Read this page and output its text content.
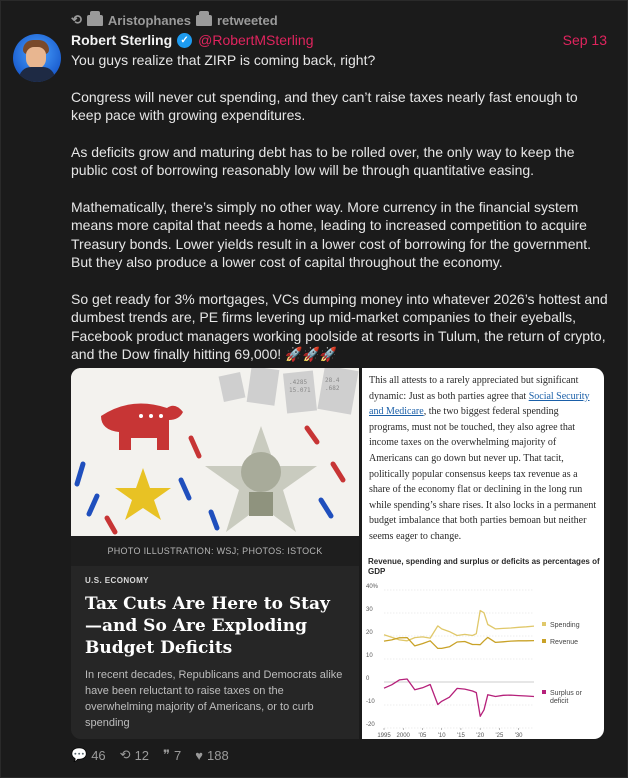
⟲ Aristophanes retweeted
Robert Sterling ✓ @RobertMSterling	Sep 13

You guys realize that ZIRP is coming back, right?

Congress will never cut spending, and they can’t raise taxes nearly fast enough to keep pace with growing expenditures.

As deficits grow and maturing debt has to be rolled over, the only way to keep the public cost of borrowing reasonably low will be through quantitative easing.

Mathematically, there’s simply no other way. More currency in the financial system means more capital that needs a home, leading to increased competition to acquire Treasury bonds. Lower yields result in a lower cost of borrowing for the government. But they also produce a lower cost of capital throughout the economy.

So get ready for 3% mortgages, VCs dumping money into whatever 2026’s hottest and dumbest trends are, PE firms levering up mid-market companies to their eyeballs, Facebook product managers working poolside at resorts in Tulum, the return of crypto, and the Dow finally hitting 69,000! 🚀🚀🚀

.4285
15.071
28.4
.682
PHOTO ILLUSTRATION: WSJ; PHOTOS: ISTOCK
U.S. ECONOMY
Tax Cuts Are Here to Stay—and So Are Exploding Budget Deficits
In recent decades, Republicans and Democrats alike have been reluctant to raise taxes on the overwhelming majority of Americans, or to curb spending
This all attests to a rarely appreciated but significant dynamic: Just as both parties agree that Social Security and Medicare, the two biggest federal spending programs, must not be touched, they also agree that income taxes on the overwhelming majority of Americans can go down but never up. That tacit, politically popular consensus keeps tax revenue as a share of the economy flat or declining in the long run while spending’s share rises. It also locks in a permanent budget imbalance that both parties bemoan but neither seems eager to change.
Revenue, spending and surplus or deficits as percentages of GDP
-20
-10
0
10
20
30
40%
1995 2000 '05 '10 '15 '20 '25 '30
Spending
Revenue
Surplus or
deficit
💬 46 ⟲ 12 ❞ 7 ♥ 188
